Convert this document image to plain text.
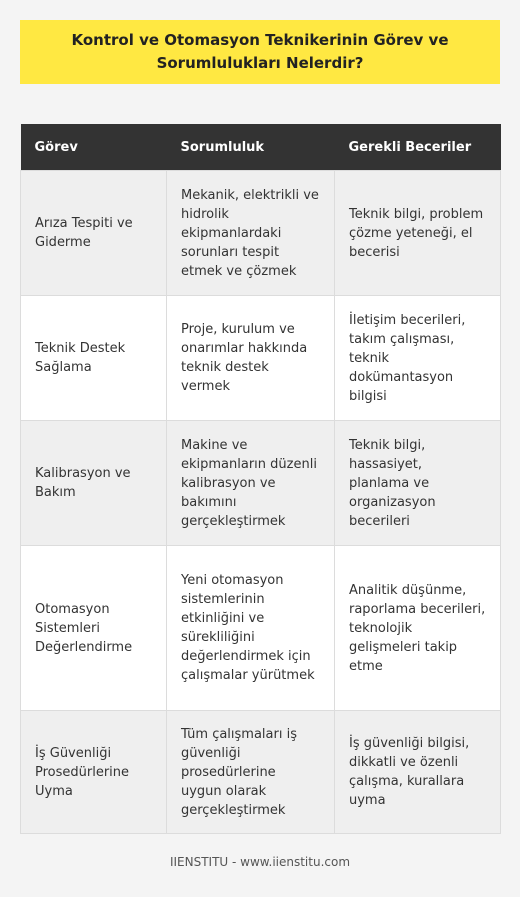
Kontrol ve Otomasyon Teknikerinin Görev ve Sorumlulukları Nelerdir?
Görev	Sorumluluk	Gerekli Beceriler
Arıza Tespiti ve Giderme	Mekanik, elektrikli ve hidrolik ekipmanlardaki sorunları tespit etmek ve çözmek	Teknik bilgi, problem çözme yeteneği, el becerisi
Teknik Destek Sağlama	Proje, kurulum ve onarımlar hakkında teknik destek vermek	İletişim becerileri, takım çalışması, teknik dokümantasyon bilgisi
Kalibrasyon ve Bakım	Makine ve ekipmanların düzenli kalibrasyon ve bakımını gerçekleştirmek	Teknik bilgi, hassasiyet, planlama ve organizasyon becerileri
Otomasyon Sistemleri Değerlendirme	Yeni otomasyon sistemlerinin etkinliğini ve sürekliliğini değerlendirmek için çalışmalar yürütmek	Analitik düşünme, raporlama becerileri, teknolojik gelişmeleri takip etme
İş Güvenliği Prosedürlerine Uyma	Tüm çalışmaları iş güvenliği prosedürlerine uygun olarak gerçekleştirmek	İş güvenliği bilgisi, dikkatli ve özenli çalışma, kurallara uyma
IIENSTITU - www.iienstitu.com
